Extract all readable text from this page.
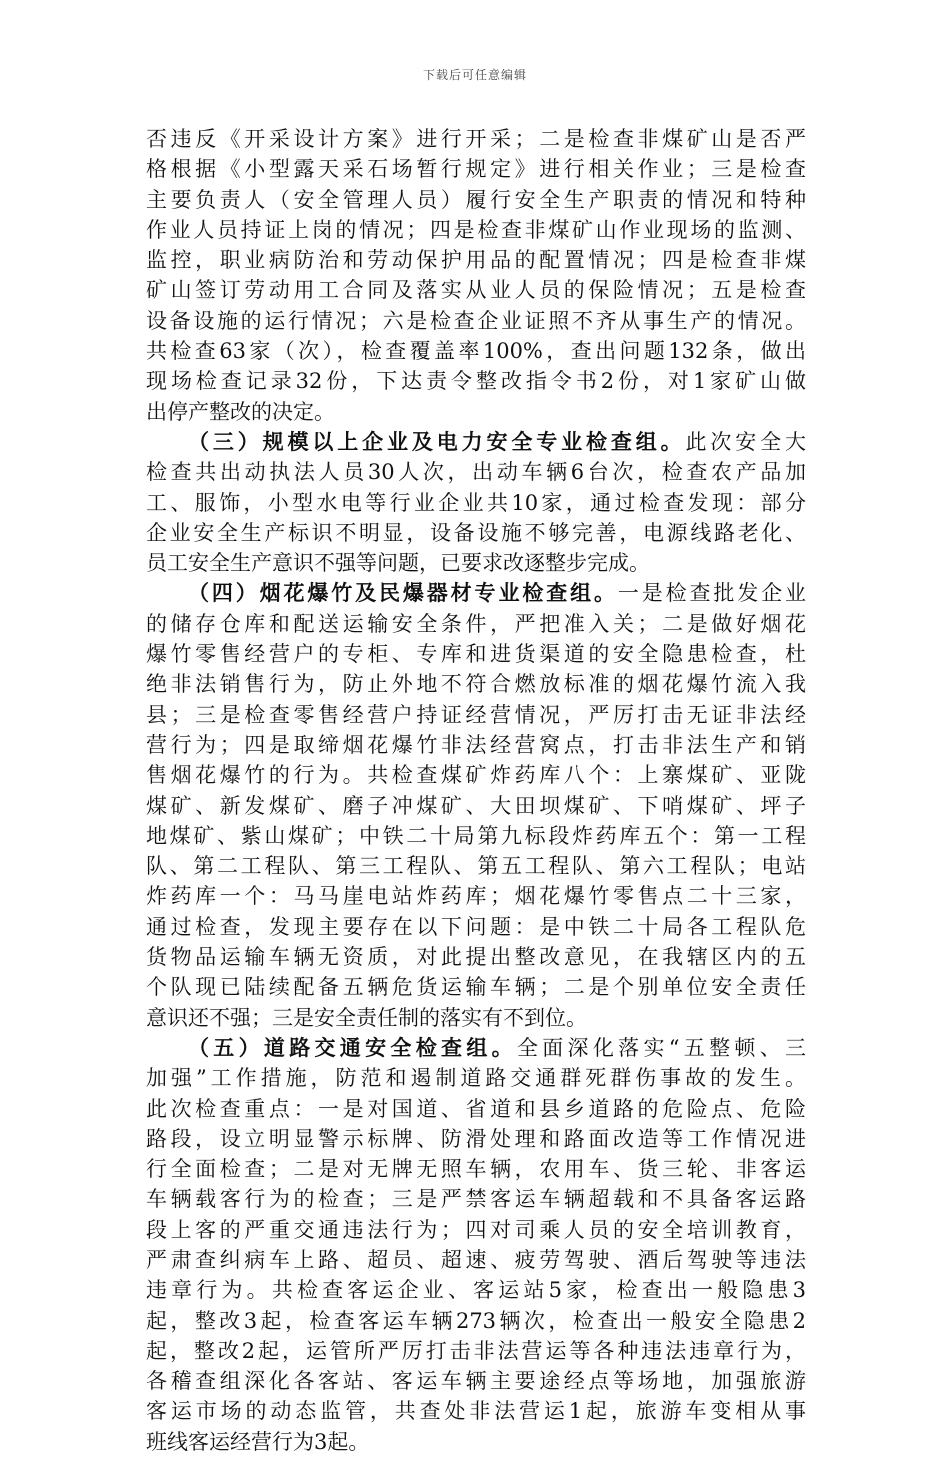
下载后可任意编辑
否违反《开采设计方案》进行开采；二是检查非煤矿山是否严
格根据《小型露天采石场暂行规定》进行相关作业；三是检查
主要负责人（安全管理人员）履行安全生产职责的情况和特种
作业人员持证上岗的情况；四是检查非煤矿山作业现场的监测、
监控，职业病防治和劳动保护用品的配置情况；四是检查非煤
矿山签订劳动用工合同及落实从业人员的保险情况；五是检查
设备设施的运行情况；六是检查企业证照不齐从事生产的情况。
共检查63家（次），检查覆盖率100%，查出问题132条，做出
现场检查记录32份，下达责令整改指令书2份，对1家矿山做
出停产整改的决定。
（三）规模以上企业及电力安全专业检查组。此次安全大
检查共出动执法人员30人次，出动车辆6台次，检查农产品加
工、服饰，小型水电等行业企业共10家，通过检查发现：部分
企业安全生产标识不明显，设备设施不够完善，电源线路老化、
员工安全生产意识不强等问题，已要求改逐整步完成。
（四）烟花爆竹及民爆器材专业检查组。一是检查批发企业
的储存仓库和配送运输安全条件，严把准入关；二是做好烟花
爆竹零售经营户的专柜、专库和进货渠道的安全隐患检查，杜
绝非法销售行为，防止外地不符合燃放标准的烟花爆竹流入我
县；三是检查零售经营户持证经营情况，严厉打击无证非法经
营行为；四是取缔烟花爆竹非法经营窝点，打击非法生产和销
售烟花爆竹的行为。共检查煤矿炸药库八个：上寨煤矿、亚陇
煤矿、新发煤矿、磨子冲煤矿、大田坝煤矿、下哨煤矿、坪子
地煤矿、紫山煤矿；中铁二十局第九标段炸药库五个：第一工程
队、第二工程队、第三工程队、第五工程队、第六工程队；电站
炸药库一个：马马崖电站炸药库；烟花爆竹零售点二十三家，
通过检查，发现主要存在以下问题：是中铁二十局各工程队危
货物品运输车辆无资质，对此提出整改意见，在我辖区内的五
个队现已陆续配备五辆危货运输车辆；二是个别单位安全责任
意识还不强；三是安全责任制的落实有不到位。
（五）道路交通安全检查组。全面深化落实“五整顿、三
加强”工作措施，防范和遏制道路交通群死群伤事故的发生。
此次检查重点：一是对国道、省道和县乡道路的危险点、危险
路段，设立明显警示标牌、防滑处理和路面改造等工作情况进
行全面检查；二是对无牌无照车辆，农用车、货三轮、非客运
车辆载客行为的检查；三是严禁客运车辆超载和不具备客运路
段上客的严重交通违法行为；四对司乘人员的安全培训教育，
严肃查纠病车上路、超员、超速、疲劳驾驶、酒后驾驶等违法
违章行为。共检查客运企业、客运站5家，检查出一般隐患3
起，整改3起，检查客运车辆273辆次，检查出一般安全隐患2
起，整改2起，运管所严厉打击非法营运等各种违法违章行为，
各稽查组深化各客站、客运车辆主要途经点等场地，加强旅游
客运市场的动态监管，共查处非法营运1起，旅游车变相从事
班线客运经营行为3起。
